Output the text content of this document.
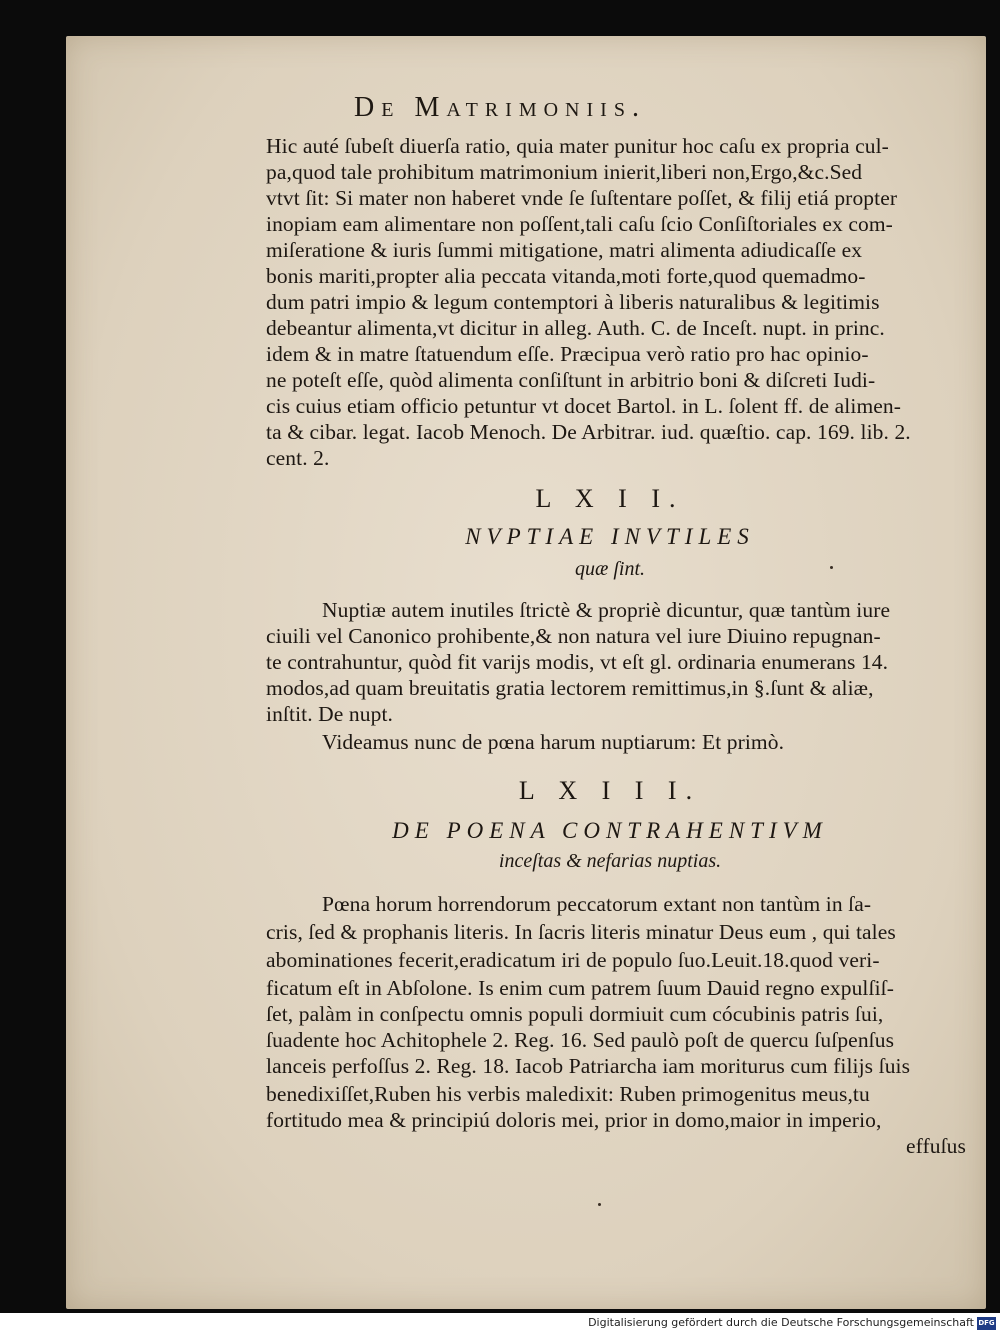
De Matrimoniis.
Hic auté ſubeſt diuerſa ratio, quia mater punitur hoc caſu ex propria cul-
pa,quod tale prohibitum matrimonium inierit,liberi non,Ergo,&c.Sed
vtvt ſit: Si mater non haberet vnde ſe ſuſtentare poſſet, & filij etiá propter
inopiam eam alimentare non poſſent,tali caſu ſcio Conſiſtoriales ex com-
miſeratione & iuris ſummi mitigatione, matri alimenta adiudicaſſe ex
bonis mariti,propter alia peccata vitanda,moti forte,quod quemadmo-
dum patri impio & legum contemptori à liberis naturalibus & legitimis
debeantur alimenta,vt dicitur in alleg. Auth. C. de Inceſt. nupt. in princ.
idem & in matre ſtatuendum eſſe. Præcipua verò ratio pro hac opinio-
ne poteſt eſſe, quòd alimenta conſiſtunt in arbitrio boni & diſcreti Iudi-
cis cuius etiam officio petuntur vt docet Bartol. in L. ſolent ff. de alimen-
ta & cibar. legat. Iacob Menoch. De Arbitrar. iud. quæſtio. cap. 169. lib. 2.
cent. 2.
L X I I.
NVPTIAE INVTILES
quæ ſint.
Nuptiæ autem inutiles ſtrictè & propriè dicuntur, quæ tantùm iure
ciuili vel Canonico prohibente,& non natura vel iure Diuino repugnan-
te contrahuntur, quòd fit varijs modis, vt eſt gl. ordinaria enumerans 14.
modos,ad quam breuitatis gratia lectorem remittimus,in §.ſunt & aliæ,
inſtit. De nupt.
Videamus nunc de pœna harum nuptiarum: Et primò.
L X I I I.
DE POENA CONTRAHENTIVM
inceſtas & nefarias nuptias.
Pœna horum horrendorum peccatorum extant non tantùm in ſa-
cris, ſed & prophanis literis. In ſacris literis minatur Deus eum , qui tales
abominationes fecerit,eradicatum iri de populo ſuo.Leuit.18.quod veri-
ficatum eſt in Abſolone. Is enim cum patrem ſuum Dauid regno expulſiſ-
ſet, palàm in conſpectu omnis populi dormiuit cum cócubinis patris ſui,
ſuadente hoc Achitophele 2. Reg. 16. Sed paulò poſt de quercu ſuſpenſus
lanceis perfoſſus 2. Reg. 18. Iacob Patriarcha iam moriturus cum filijs ſuis
benedixiſſet,Ruben his verbis maledixit: Ruben primogenitus meus,tu
fortitudo mea & principiú doloris mei, prior in domo,maior in imperio,
effuſus
Digitalisierung gefördert durch die Deutsche Forschungsgemeinschaft DFG
